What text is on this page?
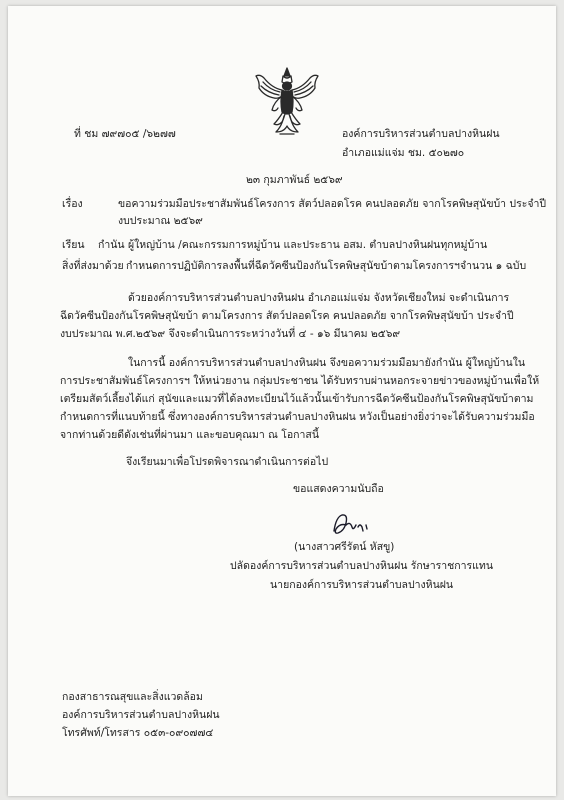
ที่ ชม ๗๙๗๐๕ /๖๒๗๗	องค์การบริหารส่วนตำบลปางหินฝน
อำเภอแม่แจ่ม ชม. ๕๐๒๗๐
๒๓ กุมภาพันธ์ ๒๕๖๙
เรื่อง	ขอความร่วมมือประชาสัมพันธ์โครงการ สัตว์ปลอดโรค คนปลอดภัย จากโรคพิษสุนัขบ้า ประจำปี
งบประมาณ ๒๕๖๙
เรียน กำนัน ผู้ใหญ่บ้าน /คณะกรรมการหมู่บ้าน และประธาน อสม. ตำบลปางหินฝนทุกหมู่บ้าน
สิ่งที่ส่งมาด้วย กำหนดการปฏิบัติการลงพื้นที่ฉีดวัคซีนป้องกันโรคพิษสุนัขบ้าตามโครงการฯ จำนวน ๑ ฉบับ
ด้วยองค์การบริหารส่วนตำบลปางหินฝน อำเภอแม่แจ่ม จังหวัดเชียงใหม่ จะดำเนินการ
ฉีดวัคซีนป้องกันโรคพิษสุนัขบ้า ตามโครงการ สัตว์ปลอดโรค คนปลอดภัย จากโรคพิษสุนัขบ้า ประจำปี
งบประมาณ พ.ศ.๒๕๖๙ จึงจะดำเนินการระหว่างวันที่ ๔ - ๑๖ มีนาคม ๒๕๖๙
ในการนี้ องค์การบริหารส่วนตำบลปางหินฝน จึงขอความร่วมมือมายังกำนัน ผู้ใหญ่บ้านใน
การประชาสัมพันธ์โครงการฯ ให้หน่วยงาน กลุ่มประชาชน ได้รับทราบผ่านหอกระจายข่าวของหมู่บ้านเพื่อให้
เตรียมสัตว์เลี้ยงได้แก่ สุนัขและแมวที่ได้ลงทะเบียนไว้แล้วนั้นเข้ารับการฉีดวัคซีนป้องกันโรคพิษสุนัขบ้าตาม
กำหนดการที่แนบท้ายนี้ ซึ่งทางองค์การบริหารส่วนตำบลปางหินฝน หวังเป็นอย่างยิ่งว่าจะได้รับความร่วมมือ
จากท่านด้วยดีดังเช่นที่ผ่านมา และขอบคุณมา ณ โอกาสนี้
จึงเรียนมาเพื่อโปรดพิจารณาดำเนินการต่อไป
ขอแสดงความนับถือ
(นางสาวศรีรัตน์ หัสขู)
ปลัดองค์การบริหารส่วนตำบลปางหินฝน รักษาราชการแทน
นายกองค์การบริหารส่วนตำบลปางหินฝน
กองสาธารณสุขและสิ่งแวดล้อม
องค์การบริหารส่วนตำบลปางหินฝน
โทรศัพท์/โทรสาร ๐๕๓-๐๙๐๗๗๔
